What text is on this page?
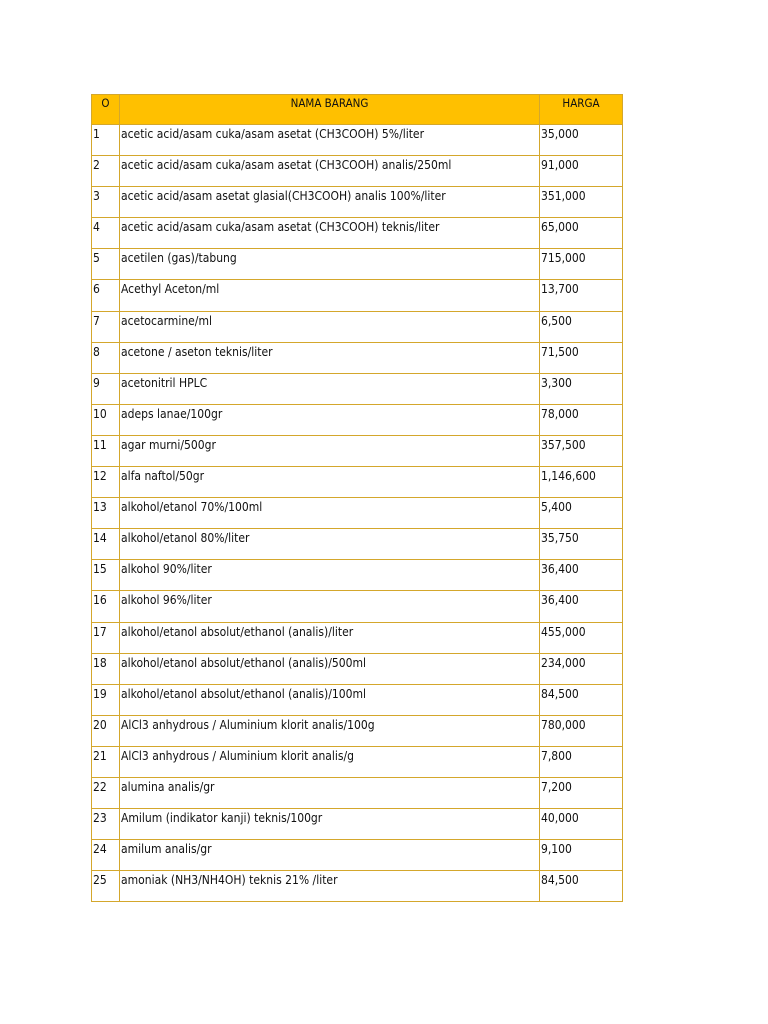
O	NAMA BARANG	HARGA
1	acetic acid/asam cuka/asam asetat (CH3COOH) 5%/liter	35,000
2	acetic acid/asam cuka/asam asetat (CH3COOH) analis/250ml	91,000
3	acetic acid/asam asetat glasial(CH3COOH) analis 100%/liter	351,000
4	acetic acid/asam cuka/asam asetat (CH3COOH) teknis/liter	65,000
5	acetilen (gas)/tabung	715,000
6	Acethyl Aceton/ml	13,700
7	acetocarmine/ml	6,500
8	acetone / aseton teknis/liter	71,500
9	acetonitril HPLC	3,300
10	adeps lanae/100gr	78,000
11	agar murni/500gr	357,500
12	alfa naftol/50gr	1,146,600
13	alkohol/etanol 70%/100ml	5,400
14	alkohol/etanol 80%/liter	35,750
15	alkohol 90%/liter	36,400
16	alkohol 96%/liter	36,400
17	alkohol/etanol absolut/ethanol (analis)/liter	455,000
18	alkohol/etanol absolut/ethanol (analis)/500ml	234,000
19	alkohol/etanol absolut/ethanol (analis)/100ml	84,500
20	AlCl3 anhydrous / Aluminium klorit analis/100g	780,000
21	AlCl3 anhydrous / Aluminium klorit analis/g	7,800
22	alumina analis/gr	7,200
23	Amilum (indikator kanji) teknis/100gr	40,000
24	amilum analis/gr	9,100
25	amoniak (NH3/NH4OH) teknis 21% /liter	84,500
